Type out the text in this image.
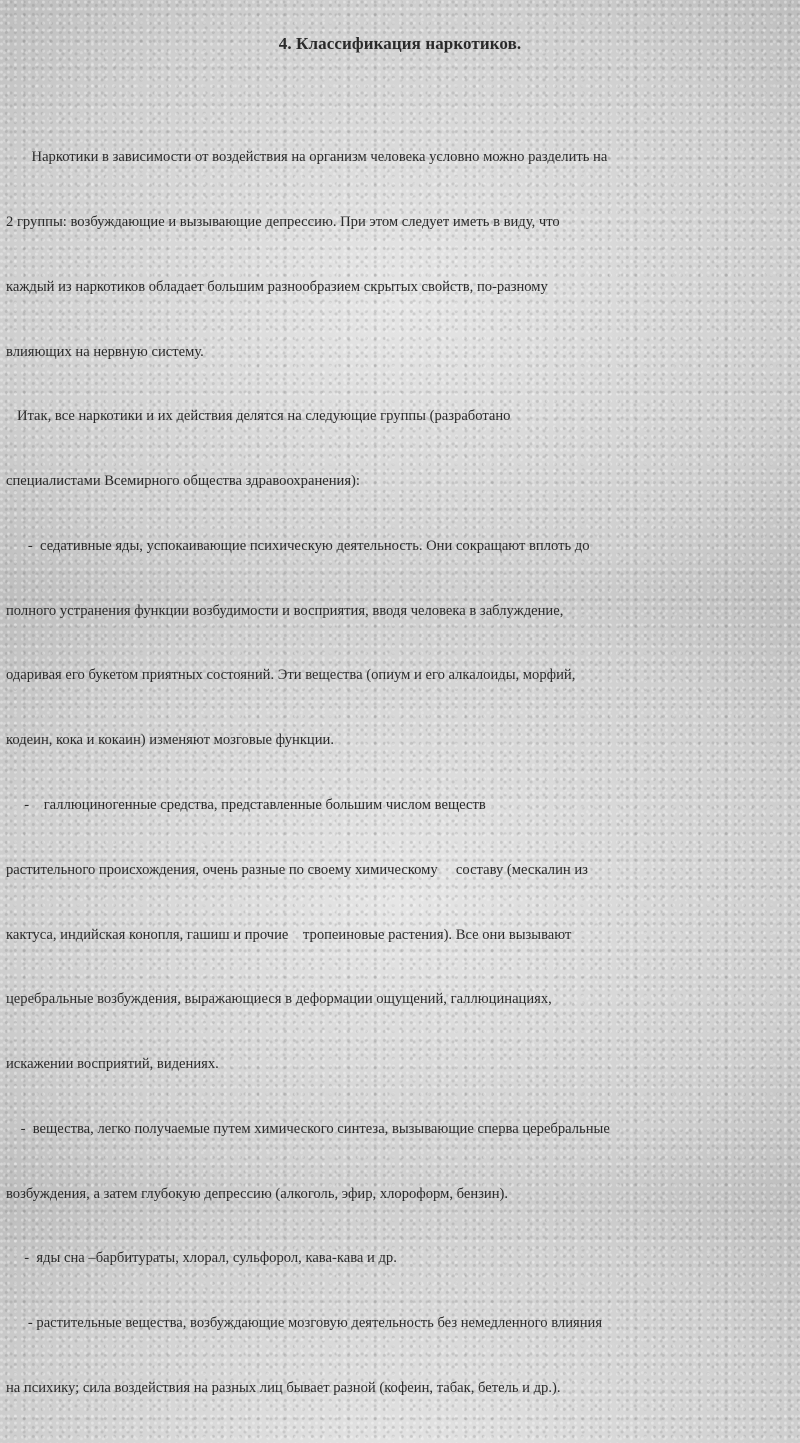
4. Классификация наркотиков.

Наркотики в зависимости от воздействия на организм человека условно можно разделить на

2 группы: возбуждающие и вызывающие депрессию. При этом следует иметь в виду, что

каждый из наркотиков обладает большим разнообразием скрытых свойств, по-разному

влияющих на нервную систему.

Итак, все наркотики и их действия делятся на следующие группы (разработано

специалистами Всемирного общества здравоохранения):

-  седативные яды, успокаивающие психическую деятельность. Они сокращают вплоть до

полного устранения функции возбудимости и восприятия, вводя человека в заблуждение,

одаривая его букетом приятных состояний. Эти вещества (опиум и его алкалоиды, морфий,

кодеин, кока и кокаин) изменяют мозговые функции.

-    галлюциногенные средства, представленные большим числом веществ

растительного происхождения, очень разные по своему химическому     составу (мескалин из

кактуса, индийская конопля, гашиш и прочие    тропеиновые растения). Все они вызывают

церебральные возбуждения, выражающиеся в деформации ощущений, галлюцинациях,

искажении восприятий, видениях.

-  вещества, легко получаемые путем химического синтеза, вызывающие сперва церебральные

возбуждения, а затем глубокую депрессию (алкоголь, эфир, хлороформ, бензин).

-  яды сна –барбитураты, хлорал, сульфорол, кава-кава и др.

- растительные вещества, возбуждающие мозговую деятельность без немедленного влияния

на психику; сила воздействия на разных лиц бывает разной (кофеин, табак, бетель и др.).
